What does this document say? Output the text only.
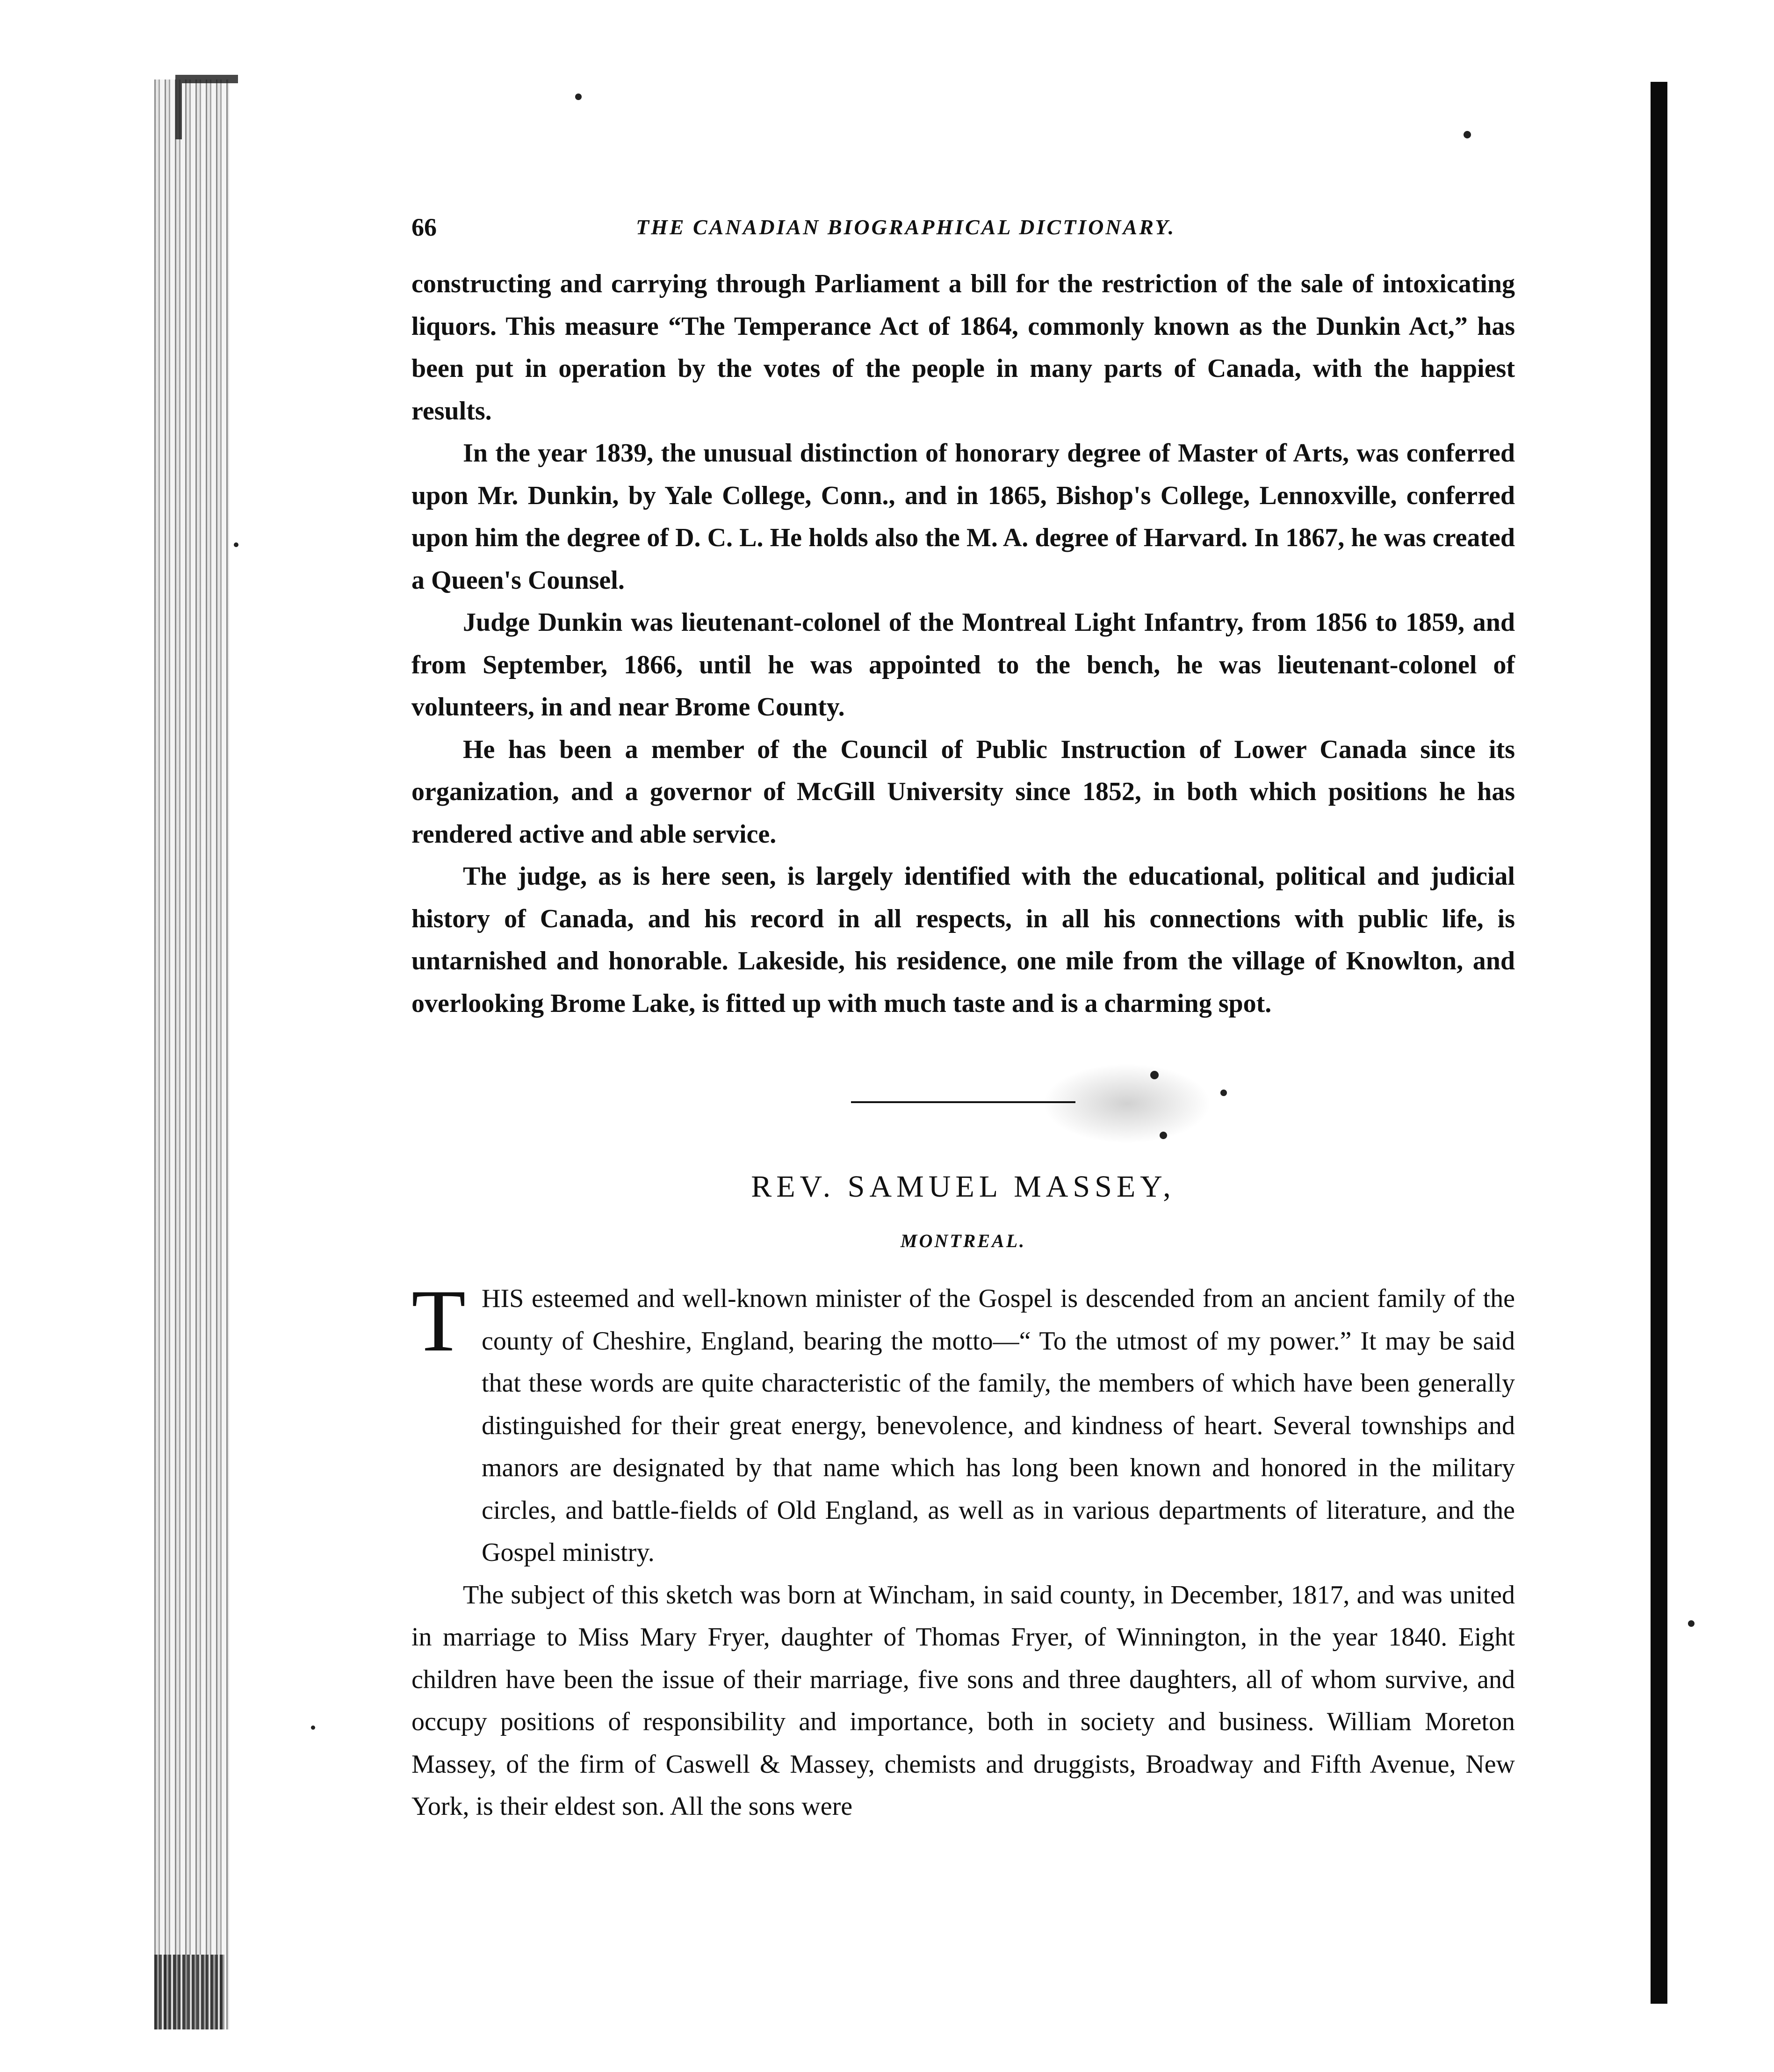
66	THE CANADIAN BIOGRAPHICAL DICTIONARY.

constructing and carrying through Parliament a bill for the restriction of the sale of intoxicating liquors. This measure “The Temperance Act of 1864, commonly known as the Dunkin Act,” has been put in operation by the votes of the people in many parts of Canada, with the happiest results.

In the year 1839, the unusual distinction of honorary degree of Master of Arts, was conferred upon Mr. Dunkin, by Yale College, Conn., and in 1865, Bishop's College, Lennoxville, conferred upon him the degree of D. C. L. He holds also the M. A. degree of Harvard. In 1867, he was created a Queen's Counsel.

Judge Dunkin was lieutenant-colonel of the Montreal Light Infantry, from 1856 to 1859, and from September, 1866, until he was appointed to the bench, he was lieutenant-colonel of volunteers, in and near Brome County.

He has been a member of the Council of Public Instruction of Lower Canada since its organization, and a governor of McGill University since 1852, in both which positions he has rendered active and able service.

The judge, as is here seen, is largely identified with the educational, political and judicial history of Canada, and his record in all respects, in all his connections with public life, is untarnished and honorable. Lakeside, his residence, one mile from the village of Knowlton, and overlooking Brome Lake, is fitted up with much taste and is a charming spot.

REV. SAMUEL MASSEY,
MONTREAL.
T HIS esteemed and well-known minister of the Gospel is descended from an ancient family of the county of Cheshire, England, bearing the motto—“ To the utmost of my power.” It may be said that these words are quite characteristic of the family, the members of which have been generally distinguished for their great energy, benevolence, and kindness of heart. Several townships and manors are designated by that name which has long been known and honored in the military circles, and battle-fields of Old England, as well as in various departments of literature, and the Gospel ministry.

The subject of this sketch was born at Wincham, in said county, in December, 1817, and was united in marriage to Miss Mary Fryer, daughter of Thomas Fryer, of Winnington, in the year 1840. Eight children have been the issue of their marriage, five sons and three daughters, all of whom survive, and occupy positions of responsibility and importance, both in society and business. William Moreton Massey, of the firm of Caswell & Massey, chemists and druggists, Broadway and Fifth Avenue, New York, is their eldest son. All the sons were
